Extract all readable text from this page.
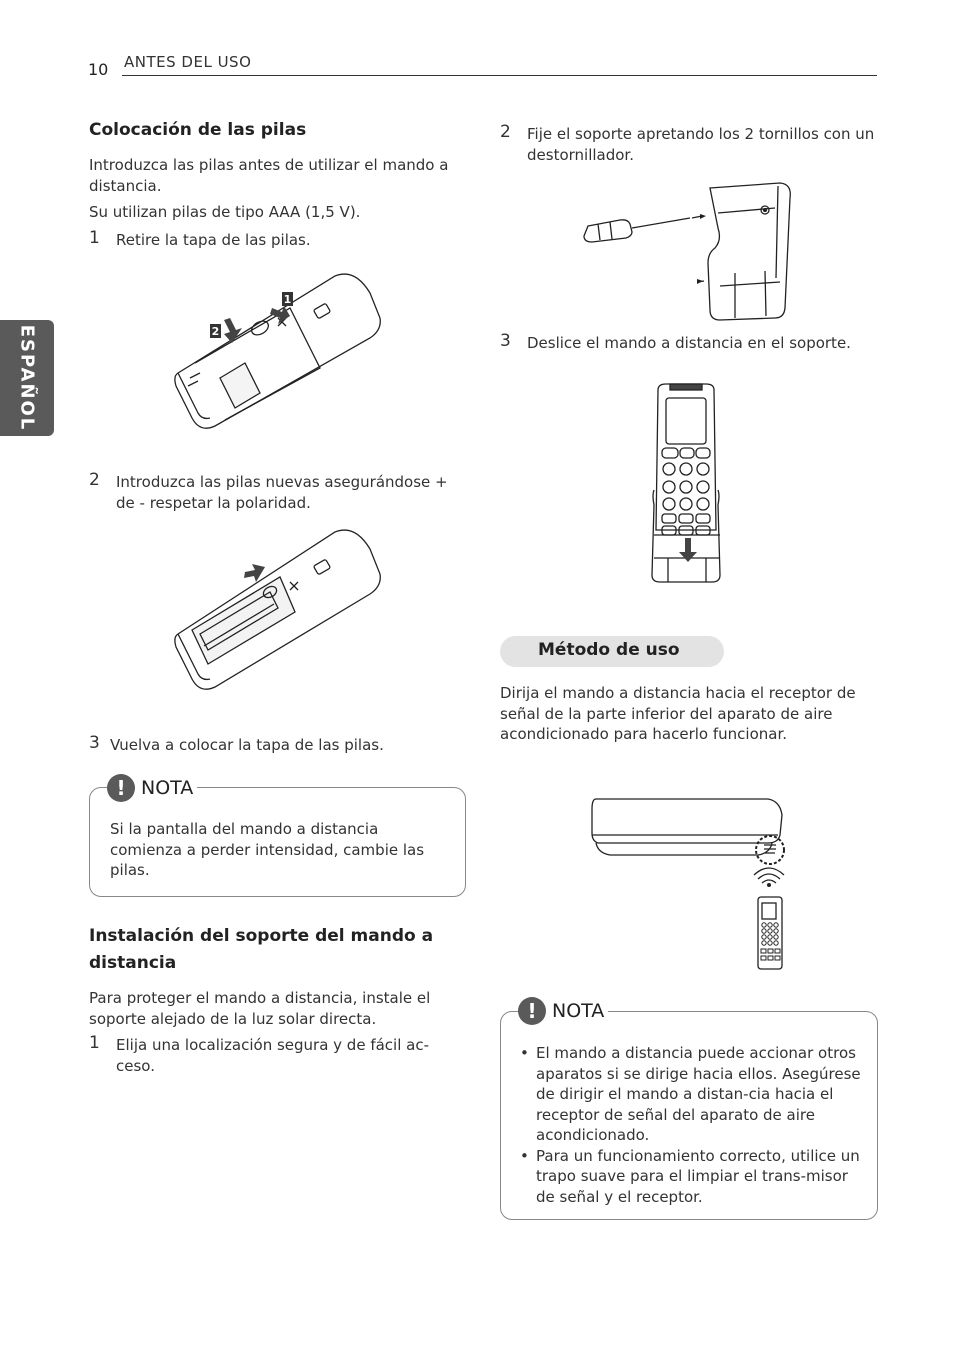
10 ANTES DEL USO
ESPAÑOL
Colocación de las pilas

Introduzca las pilas antes de utilizar el mando a distancia.

Su utilizan pilas de tipo AAA (1,5 V).

1 Retire la tapa de las pilas.
1
2
2 Introduzca las pilas nuevas asegurándose + de - respetar la polaridad.
3 Vuelva a colocar la tapa de las pilas.
! NOTA

Si la pantalla del mando a distancia comienza a perder intensidad, cambie las pilas.

Instalación del soporte del mando a distancia

Para proteger el mando a distancia, instale el soporte alejado de la luz solar directa.

1 Elija una localización segura y de fácil ac-ceso.
2 Fije el soporte apretando los 2 tornillos con un destornillador.
3 Deslice el mando a distancia en el soporte.
Método de uso

Dirija el mando a distancia hacia el receptor de señal de la parte inferior del aparato de aire acondicionado para hacerlo funcionar.

! NOTA
• El mando a distancia puede accionar otros aparatos si se dirige hacia ellos. Asegúrese de dirigir el mando a distan-cia hacia el receptor de señal del aparato de aire acondicionado.
• Para un funcionamiento correcto, utilice un trapo suave para el limpiar el trans-misor de señal y el receptor.
